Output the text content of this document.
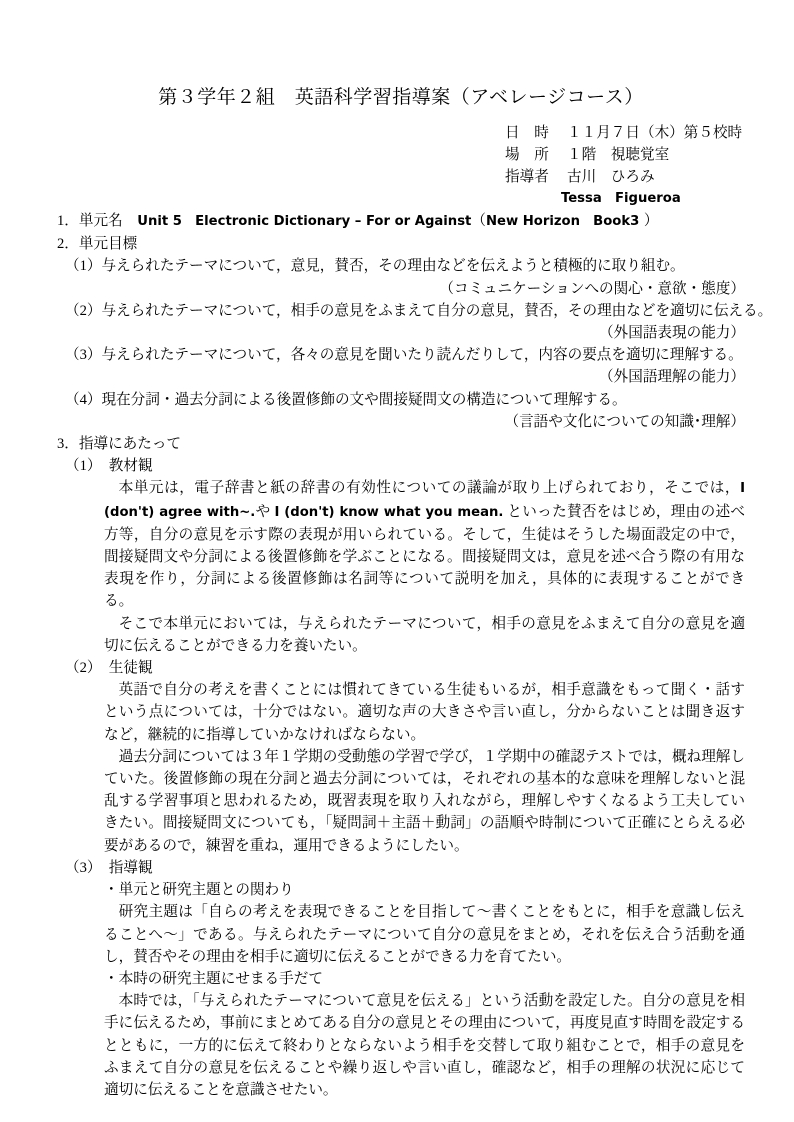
第３学年２組　英語科学習指導案（アベレージコース）
日　時 １１月７日（木）第５校時
場　所 １階　視聴覚室
指導者 古川　ひろみ
Tessa　Figueroa
1．単元名　Unit 5　Electronic Dictionary – For or Against（New Horizon　Book3 ）
2．単元目標
（1）与えられたテーマについて，意見，賛否，その理由などを伝えようと積極的に取り組む。
（コミュニケーションへの関心・意欲・態度）
（2）与えられたテーマについて，相手の意見をふまえて自分の意見，賛否，その理由などを適切に伝える。
（外国語表現の能力）
（3）与えられたテーマについて，各々の意見を聞いたり読んだりして，内容の要点を適切に理解する。
（外国語理解の能力）
（4）現在分詞・過去分詞による後置修飾の文や間接疑問文の構造について理解する。
（言語や文化についての知識･理解）
3．指導にあたって
（1）　教材観
本単元は，電子辞書と紙の辞書の有効性についての議論が取り上げられており，そこでは，I (don't) agree with~.や I (don't) know what you mean. といった賛否をはじめ，理由の述べ方等，自分の意見を示す際の表現が用いられている。そして，生徒はそうした場面設定の中で，間接疑問文や分詞による後置修飾を学ぶことになる。間接疑問文は，意見を述べ合う際の有用な表現を作り，分詞による後置修飾は名詞等について説明を加え，具体的に表現することができる。
そこで本単元においては，与えられたテーマについて，相手の意見をふまえて自分の意見を適切に伝えることができる力を養いたい。
（2）　生徒観
英語で自分の考えを書くことには慣れてきている生徒もいるが，相手意識をもって聞く・話すという点については，十分ではない。適切な声の大きさや言い直し，分からないことは聞き返すなど，継続的に指導していかなければならない。
過去分詞については３年１学期の受動態の学習で学び，１学期中の確認テストでは，概ね理解していた。後置修飾の現在分詞と過去分詞については，それぞれの基本的な意味を理解しないと混乱する学習事項と思われるため，既習表現を取り入れながら，理解しやすくなるよう工夫していきたい。間接疑問文についても，「疑問詞＋主語＋動詞」の語順や時制について正確にとらえる必要があるので，練習を重ね，運用できるようにしたい。
（3）　指導観
・単元と研究主題との関わり
研究主題は「自らの考えを表現できることを目指して～書くことをもとに，相手を意識し伝えることへ～」である。与えられたテーマについて自分の意見をまとめ，それを伝え合う活動を通し，賛否やその理由を相手に適切に伝えることができる力を育てたい。
・本時の研究主題にせまる手だて
本時では，「与えられたテーマについて意見を伝える」という活動を設定した。自分の意見を相手に伝えるため，事前にまとめてある自分の意見とその理由について，再度見直す時間を設定するとともに，一方的に伝えて終わりとならないよう相手を交替して取り組むことで，相手の意見をふまえて自分の意見を伝えることや繰り返しや言い直し，確認など，相手の理解の状況に応じて適切に伝えることを意識させたい。
